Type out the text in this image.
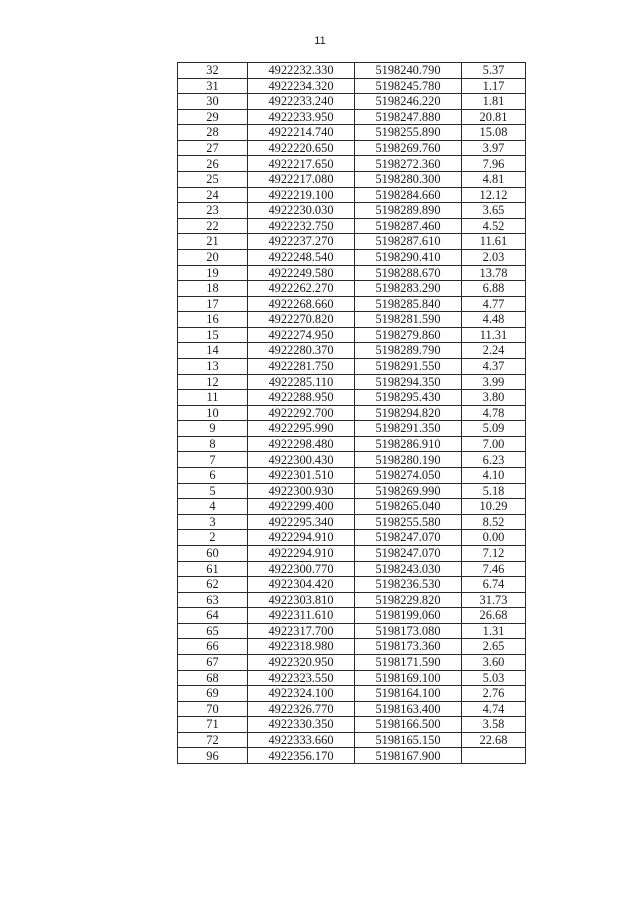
11
32	4922232.330	5198240.790	5.37
31	4922234.320	5198245.780	1.17
30	4922233.240	5198246.220	1.81
29	4922233.950	5198247.880	20.81
28	4922214.740	5198255.890	15.08
27	4922220.650	5198269.760	3.97
26	4922217.650	5198272.360	7.96
25	4922217.080	5198280.300	4.81
24	4922219.100	5198284.660	12.12
23	4922230.030	5198289.890	3.65
22	4922232.750	5198287.460	4.52
21	4922237.270	5198287.610	11.61
20	4922248.540	5198290.410	2.03
19	4922249.580	5198288.670	13.78
18	4922262.270	5198283.290	6.88
17	4922268.660	5198285.840	4.77
16	4922270.820	5198281.590	4.48
15	4922274.950	5198279.860	11.31
14	4922280.370	5198289.790	2.24
13	4922281.750	5198291.550	4.37
12	4922285.110	5198294.350	3.99
11	4922288.950	5198295.430	3.80
10	4922292.700	5198294.820	4.78
9	4922295.990	5198291.350	5.09
8	4922298.480	5198286.910	7.00
7	4922300.430	5198280.190	6.23
6	4922301.510	5198274.050	4.10
5	4922300.930	5198269.990	5.18
4	4922299.400	5198265.040	10.29
3	4922295.340	5198255.580	8.52
2	4922294.910	5198247.070	0.00
60	4922294.910	5198247.070	7.12
61	4922300.770	5198243.030	7.46
62	4922304.420	5198236.530	6.74
63	4922303.810	5198229.820	31.73
64	4922311.610	5198199.060	26.68
65	4922317.700	5198173.080	1.31
66	4922318.980	5198173.360	2.65
67	4922320.950	5198171.590	3.60
68	4922323.550	5198169.100	5.03
69	4922324.100	5198164.100	2.76
70	4922326.770	5198163.400	4.74
71	4922330.350	5198166.500	3.58
72	4922333.660	5198165.150	22.68
96	4922356.170	5198167.900	
